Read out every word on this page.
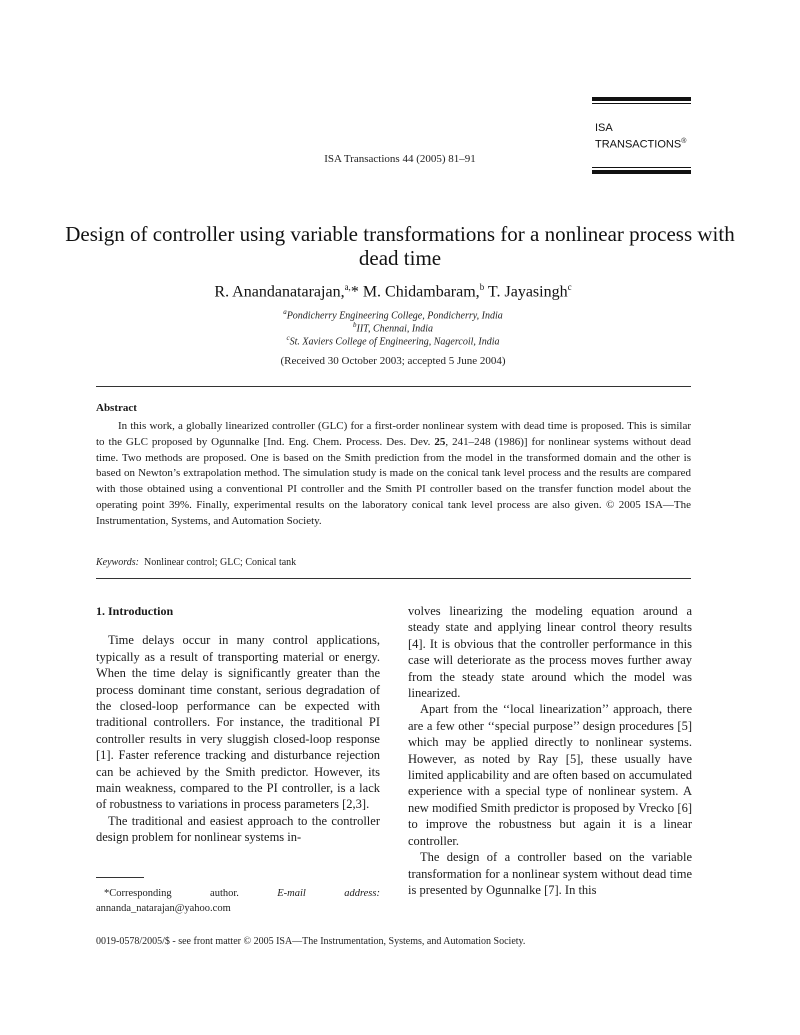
ISA
TRANSACTIONS®
ISA Transactions 44 (2005) 81–91
Design of controller using variable transformations for a nonlinear process with dead time
R. Anandanatarajan,$^{a,}$* M. Chidambaram,$^b$ T. Jayasingh$^c$
$^a$Pondicherry Engineering College, Pondicherry, India
$^b$IIT, Chennai, India
$^c$St. Xaviers College of Engineering, Nagercoil, India
(Received 30 October 2003; accepted 5 June 2004)
Abstract

In this work, a globally linearized controller (GLC) for a first-order nonlinear system with dead time is proposed. This is similar to the GLC proposed by Ogunnalke [Ind. Eng. Chem. Process. Des. Dev. 25, 241–248 (1986)] for nonlinear systems without dead time. Two methods are proposed. One is based on the Smith prediction from the model in the transformed domain and the other is based on Newton’s extrapolation method. The simulation study is made on the conical tank level process and the results are compared with those obtained using a conventional PI controller and the Smith PI controller based on the transfer function model about the operating point 39%. Finally, experimental results on the laboratory conical tank level process are also given. © 2005 ISA—The Instrumentation, Systems, and Automation Society.

Keywords: Nonlinear control; GLC; Conical tank
1. Introduction

Time delays occur in many control applications, typically as a result of transporting material or energy. When the time delay is significantly greater than the process dominant time constant, serious degradation of the closed-loop performance can be expected with traditional controllers. For instance, the traditional PI controller results in very sluggish closed-loop response [1]. Faster reference tracking and disturbance rejection can be achieved by the Smith predictor. However, its main weakness, compared to the PI controller, is a lack of robustness to variations in process parameters [2,3].

The traditional and easiest approach to the controller design problem for nonlinear systems in-

volves linearizing the modeling equation around a steady state and applying linear control theory results [4]. It is obvious that the controller performance in this case will deteriorate as the process moves further away from the steady state around which the model was linearized.

Apart from the ‘‘local linearization’’ approach, there are a few other ‘‘special purpose’’ design procedures [5] which may be applied directly to nonlinear systems. However, as noted by Ray [5], these usually have limited applicability and are often based on accumulated experience with a special type of nonlinear system. A new modified Smith predictor is proposed by Vrecko [6] to improve the robustness but again it is a linear controller.

The design of a controller based on the variable transformation for a nonlinear system without dead time is presented by Ogunnalke [7]. In this

*Corresponding	author.	E-mail	address:
annanda_natarajan@yahoo.com
0019-0578/2005/$ - see front matter © 2005 ISA—The Instrumentation, Systems, and Automation Society.
